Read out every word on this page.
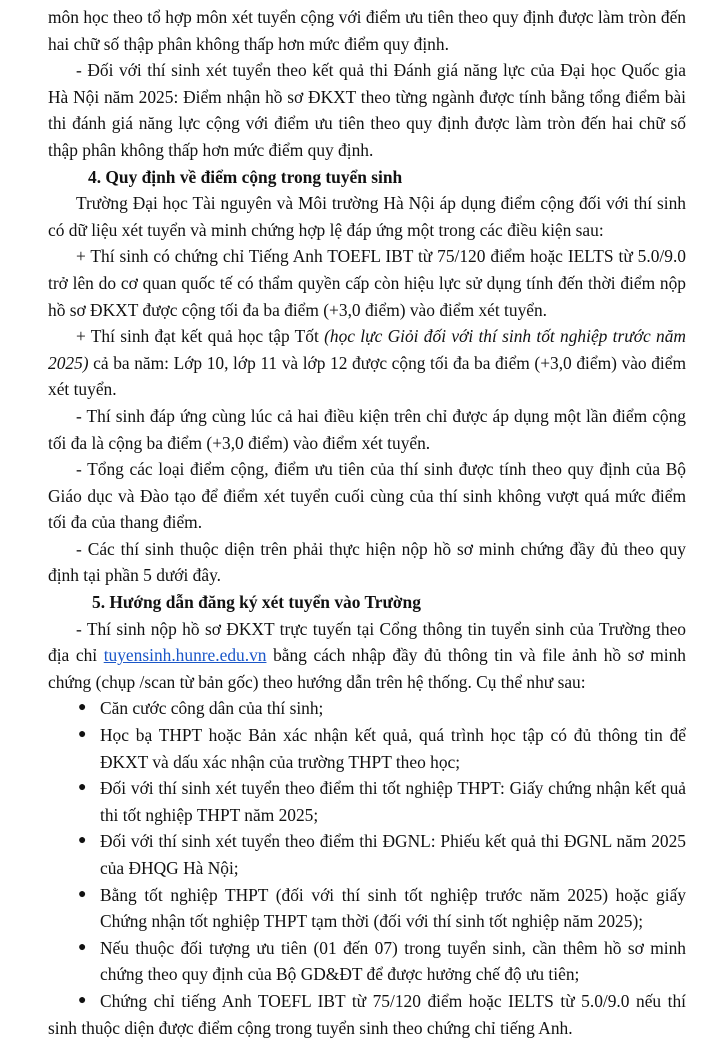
môn học theo tổ hợp môn xét tuyển cộng với điểm ưu tiên theo quy định được làm tròn đến hai chữ số thập phân không thấp hơn mức điểm quy định.

- Đối với thí sinh xét tuyển theo kết quả thi Đánh giá năng lực của Đại học Quốc gia Hà Nội năm 2025: Điểm nhận hồ sơ ĐKXT theo từng ngành được tính bằng tổng điểm bài thi đánh giá năng lực cộng với điểm ưu tiên theo quy định được làm tròn đến hai chữ số thập phân không thấp hơn mức điểm quy định.

4. Quy định về điểm cộng trong tuyển sinh

Trường Đại học Tài nguyên và Môi trường Hà Nội áp dụng điểm cộng đối với thí sinh có dữ liệu xét tuyển và minh chứng hợp lệ đáp ứng một trong các điều kiện sau:

+ Thí sinh có chứng chỉ Tiếng Anh TOEFL IBT từ 75/120 điểm hoặc IELTS từ 5.0/9.0 trở lên do cơ quan quốc tế có thẩm quyền cấp còn hiệu lực sử dụng tính đến thời điểm nộp hồ sơ ĐKXT được cộng tối đa ba điểm (+3,0 điểm) vào điểm xét tuyển.

+ Thí sinh đạt kết quả học tập Tốt (học lực Giỏi đối với thí sinh tốt nghiệp trước năm 2025) cả ba năm: Lớp 10, lớp 11 và lớp 12 được cộng tối đa ba điểm (+3,0 điểm) vào điểm xét tuyển.

- Thí sinh đáp ứng cùng lúc cả hai điều kiện trên chỉ được áp dụng một lần điểm cộng tối đa là cộng ba điểm (+3,0 điểm) vào điểm xét tuyển.

- Tổng các loại điểm cộng, điểm ưu tiên của thí sinh được tính theo quy định của Bộ Giáo dục và Đào tạo để điểm xét tuyển cuối cùng của thí sinh không vượt quá mức điểm tối đa của thang điểm.

- Các thí sinh thuộc diện trên phải thực hiện nộp hồ sơ minh chứng đầy đủ theo quy định tại phần 5 dưới đây.

5. Hướng dẫn đăng ký xét tuyển vào Trường

- Thí sinh nộp hồ sơ ĐKXT trực tuyến tại Cổng thông tin tuyển sinh của Trường theo địa chỉ tuyensinh.hunre.edu.vn bằng cách nhập đầy đủ thông tin và file ảnh hồ sơ minh chứng (chụp /scan từ bản gốc) theo hướng dẫn trên hệ thống. Cụ thể như sau:

● Căn cước công dân của thí sinh;
● Học bạ THPT hoặc Bản xác nhận kết quả, quá trình học tập có đủ thông tin để ĐKXT và dấu xác nhận của trường THPT theo học;
● Đối với thí sinh xét tuyển theo điểm thi tốt nghiệp THPT: Giấy chứng nhận kết quả thi tốt nghiệp THPT năm 2025;
● Đối với thí sinh xét tuyển theo điểm thi ĐGNL: Phiếu kết quả thi ĐGNL năm 2025 của ĐHQG Hà Nội;
● Bằng tốt nghiệp THPT (đối với thí sinh tốt nghiệp trước năm 2025) hoặc giấy Chứng nhận tốt nghiệp THPT tạm thời (đối với thí sinh tốt nghiệp năm 2025);
● Nếu thuộc đối tượng ưu tiên (01 đến 07) trong tuyển sinh, cần thêm hồ sơ minh chứng theo quy định của Bộ GD&ĐT để được hưởng chế độ ưu tiên;
● Chứng chỉ tiếng Anh TOEFL IBT từ 75/120 điểm hoặc IELTS từ 5.0/9.0 nếu thí sinh thuộc diện được điểm cộng trong tuyển sinh theo chứng chỉ tiếng Anh.
